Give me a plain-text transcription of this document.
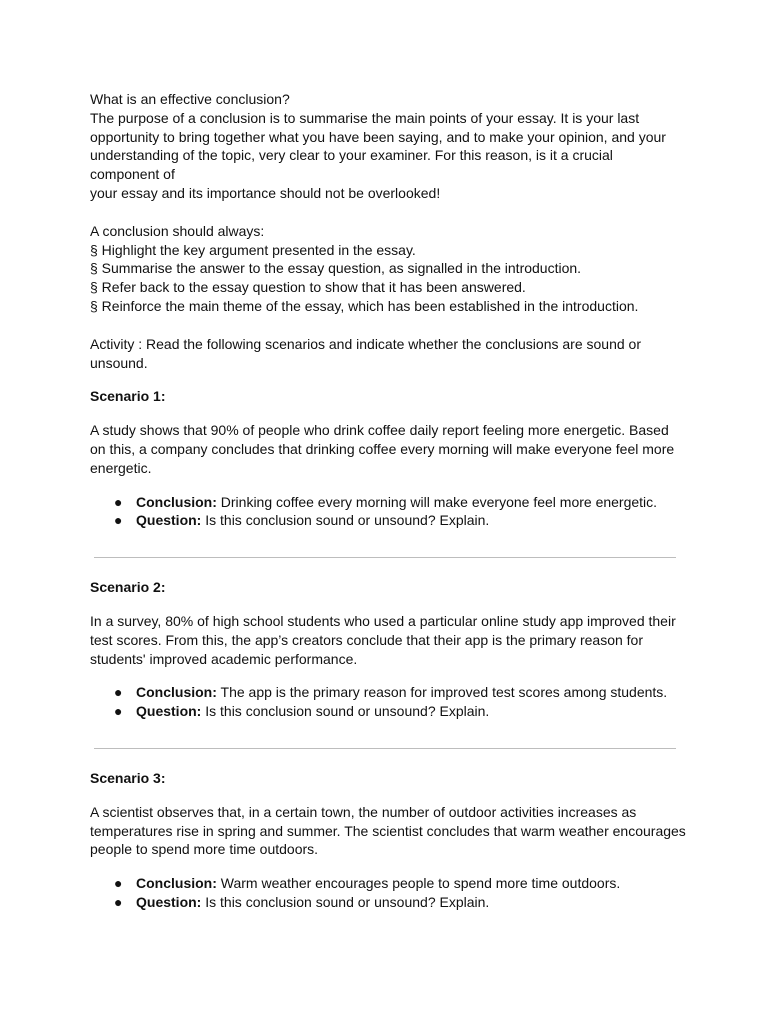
What is an effective conclusion?
The purpose of a conclusion is to summarise the main points of your essay. It is your last
opportunity to bring together what you have been saying, and to make your opinion, and your
understanding of the topic, very clear to your examiner. For this reason, is it a crucial
component of
your essay and its importance should not be overlooked!
A conclusion should always:
§ Highlight the key argument presented in the essay.
§ Summarise the answer to the essay question, as signalled in the introduction.
§ Refer back to the essay question to show that it has been answered.
§ Reinforce the main theme of the essay, which has been established in the introduction.
Activity : Read the following scenarios and indicate whether the conclusions are sound or
unsound.

Scenario 1:

A study shows that 90% of people who drink coffee daily report feeling more energetic. Based
on this, a company concludes that drinking coffee every morning will make everyone feel more
energetic.
● Conclusion: Drinking coffee every morning will make everyone feel more energetic.
● Question: Is this conclusion sound or unsound? Explain.

Scenario 2:

In a survey, 80% of high school students who used a particular online study app improved their
test scores. From this, the app’s creators conclude that their app is the primary reason for
students' improved academic performance.
● Conclusion: The app is the primary reason for improved test scores among students.
● Question: Is this conclusion sound or unsound? Explain.

Scenario 3:

A scientist observes that, in a certain town, the number of outdoor activities increases as
temperatures rise in spring and summer. The scientist concludes that warm weather encourages
people to spend more time outdoors.
● Conclusion: Warm weather encourages people to spend more time outdoors.
● Question: Is this conclusion sound or unsound? Explain.
